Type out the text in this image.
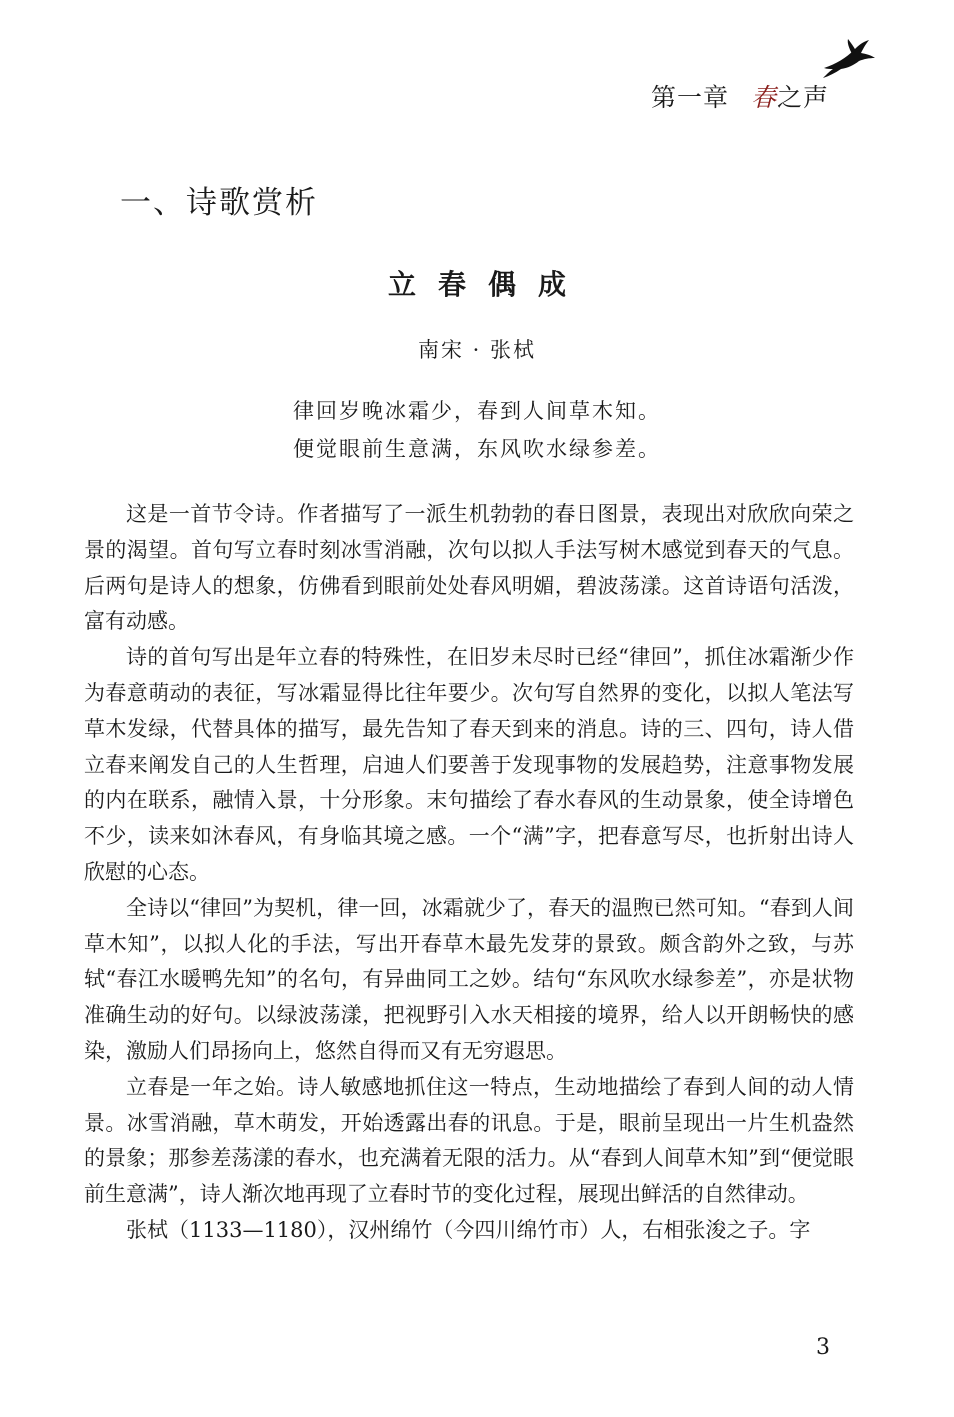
第一章 春之声
一、诗歌赏析
立春偶成
南宋 · 张栻
律回岁晚冰霜少，春到人间草木知。
便觉眼前生意满，东风吹水绿参差。

这是一首节令诗。作者描写了一派生机勃勃的春日图景，表现出对欣欣向荣之景的渴望。首句写立春时刻冰雪消融，次句以拟人手法写树木感觉到春天的气息。后两句是诗人的想象，仿佛看到眼前处处春风明媚，碧波荡漾。这首诗语句活泼，富有动感。

诗的首句写出是年立春的特殊性，在旧岁未尽时已经“律回”，抓住冰霜渐少作为春意萌动的表征，写冰霜显得比往年要少。次句写自然界的变化，以拟人笔法写草木发绿，代替具体的描写，最先告知了春天到来的消息。诗的三、四句，诗人借立春来阐发自己的人生哲理，启迪人们要善于发现事物的发展趋势，注意事物发展的内在联系，融情入景，十分形象。末句描绘了春水春风的生动景象，使全诗增色不少，读来如沐春风，有身临其境之感。一个“满”字，把春意写尽，也折射出诗人欣慰的心态。

全诗以“律回”为契机，律一回，冰霜就少了，春天的温煦已然可知。“春到人间草木知”，以拟人化的手法，写出开春草木最先发芽的景致。颇含韵外之致，与苏轼“春江水暖鸭先知”的名句，有异曲同工之妙。结句“东风吹水绿参差”，亦是状物准确生动的好句。以绿波荡漾，把视野引入水天相接的境界，给人以开朗畅快的感染，激励人们昂扬向上，悠然自得而又有无穷遐思。

立春是一年之始。诗人敏感地抓住这一特点，生动地描绘了春到人间的动人情景。冰雪消融，草木萌发，开始透露出春的讯息。于是，眼前呈现出一片生机盎然的景象；那参差荡漾的春水，也充满着无限的活力。从“春到人间草木知”到“便觉眼前生意满”，诗人渐次地再现了立春时节的变化过程，展现出鲜活的自然律动。

张栻（1133—1180），汉州绵竹（今四川绵竹市）人，右相张浚之子。字

3
